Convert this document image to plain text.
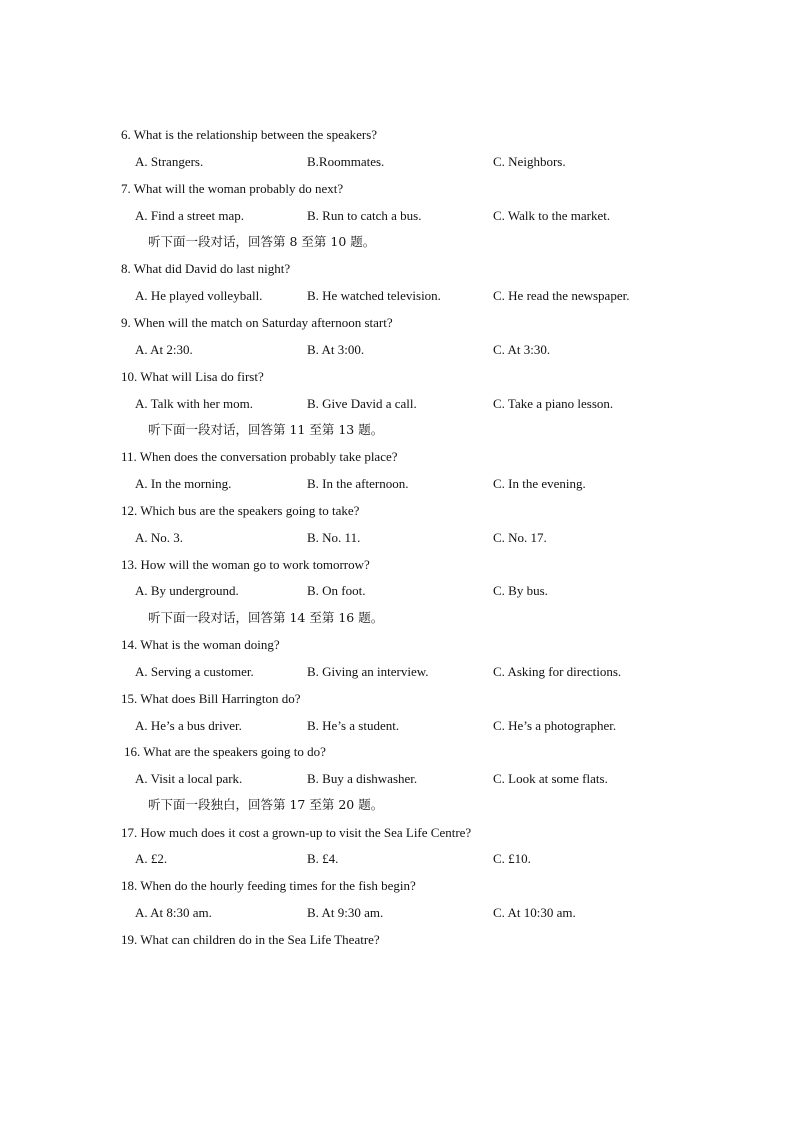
6. What is the relationship between the speakers?
A. Strangers.	B.Roommates.	C. Neighbors.
7. What will the woman probably do next?
A. Find a street map.	B. Run to catch a bus.	C. Walk to the market.
听下面一段对话，回答第 8 至第 10 题。
8. What did David do last night?
A. He played volleyball.	B. He watched television.	C. He read the newspaper.
9. When will the match on Saturday afternoon start?
A. At 2:30.	B. At 3:00.	C. At 3:30.
10. What will Lisa do first?
A. Talk with her mom.	B. Give David a call.	C. Take a piano lesson.
听下面一段对话，回答第 11 至第 13 题。
11. When does the conversation probably take place?
A. In the morning.	B. In the afternoon.	C. In the evening.
12. Which bus are the speakers going to take?
A. No. 3.	B. No. 11.	C. No. 17.
13. How will the woman go to work tomorrow?
A. By underground.	B. On foot.	C. By bus.
听下面一段对话，回答第 14 至第 16 题。
14. What is the woman doing?
A. Serving a customer.	B. Giving an interview.	C. Asking for directions.
15. What does Bill Harrington do?
A. He’s a bus driver.	B. He’s a student.	C. He’s a photographer.
16. What are the speakers going to do?
A. Visit a local park.	B. Buy a dishwasher.	C. Look at some flats.
听下面一段独白，回答第 17 至第 20 题。
17. How much does it cost a grown-up to visit the Sea Life Centre?
A. £2.	B. £4.	C. £10.
18. When do the hourly feeding times for the fish begin?
A. At 8:30 am.	B. At 9:30 am.	C. At 10:30 am.
19. What can children do in the Sea Life Theatre?
